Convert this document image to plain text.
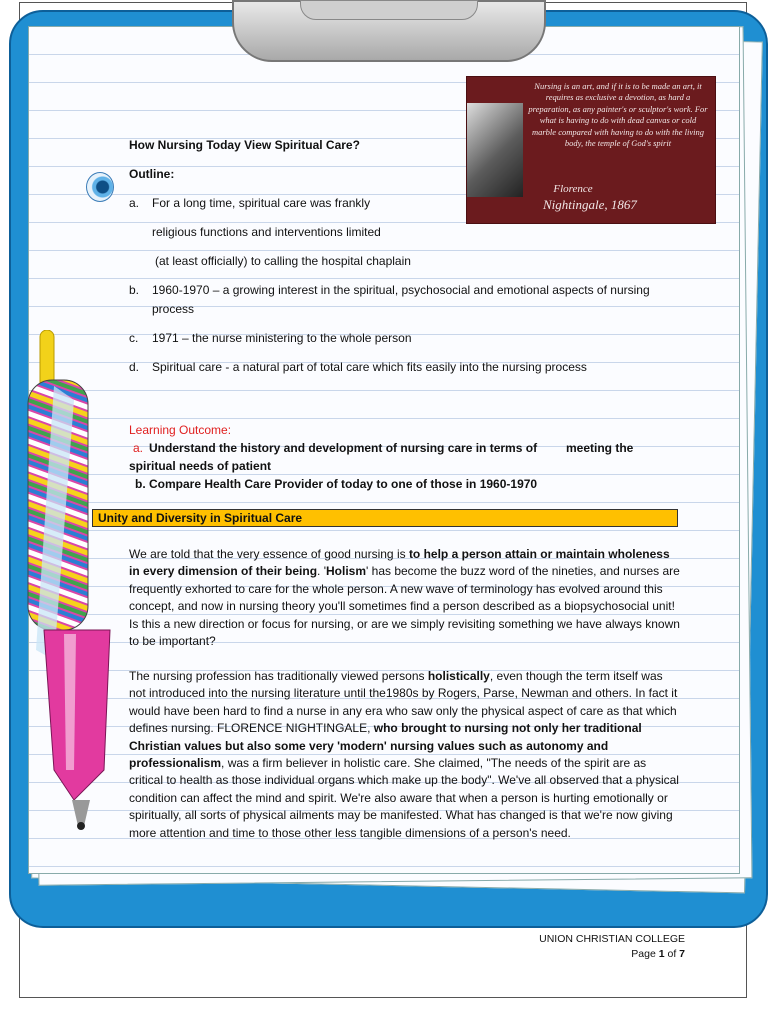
Nursing is an art, and if it is to be made an art, it requires as exclusive a devotion, as hard a preparation, as any painter's or sculptor's work. For what is having to do with dead canvas or cold marble compared with having to do with the living body, the temple of God's spirit
Florence
Nightingale, 1867
How Nursing Today View Spiritual Care?
Outline:
a. For a long time, spiritual care was frankly
religious functions and interventions limited
(at least officially) to calling the hospital chaplain
b. 1960-1970 – a growing interest in the spiritual, psychosocial and emotional aspects of nursing
process
c. 1971 – the nurse ministering to the whole person
d. Spiritual care - a natural part of total care which fits easily into the nursing process
Learning Outcome:
a. Understand the history and development of nursing care in terms of meeting the
spiritual needs of patient
b. Compare Health Care Provider of today to one of those in 1960-1970
Unity and Diversity in Spiritual Care
We are told that the very essence of good nursing is to help a person attain or maintain wholeness in every dimension of their being. 'Holism' has become the buzz word of the nineties, and nurses are frequently exhorted to care for the whole person. A new wave of terminology has evolved around this concept, and now in nursing theory you'll sometimes find a person described as a biopsychosocial unit! Is this a new direction or focus for nursing, or are we simply revisiting something we have always known to be important?
The nursing profession has traditionally viewed persons holistically, even though the term itself was not introduced into the nursing literature until the1980s by Rogers, Parse, Newman and others. In fact it would have been hard to find a nurse in any era who saw only the physical aspect of care as that which defines nursing. FLORENCE NIGHTINGALE, who brought to nursing not only her traditional Christian values but also some very 'modern' nursing values such as autonomy and professionalism, was a firm believer in holistic care. She claimed, "The needs of the spirit are as critical to health as those individual organs which make up the body". We've all observed that a physical condition can affect the mind and spirit. We're also aware that when a person is hurting emotionally or spiritually, all sorts of physical ailments may be manifested. What has changed is that we're now giving more attention and time to those other less tangible dimensions of a person's need.
UNION CHRISTIAN COLLEGE
Page 1 of 7
